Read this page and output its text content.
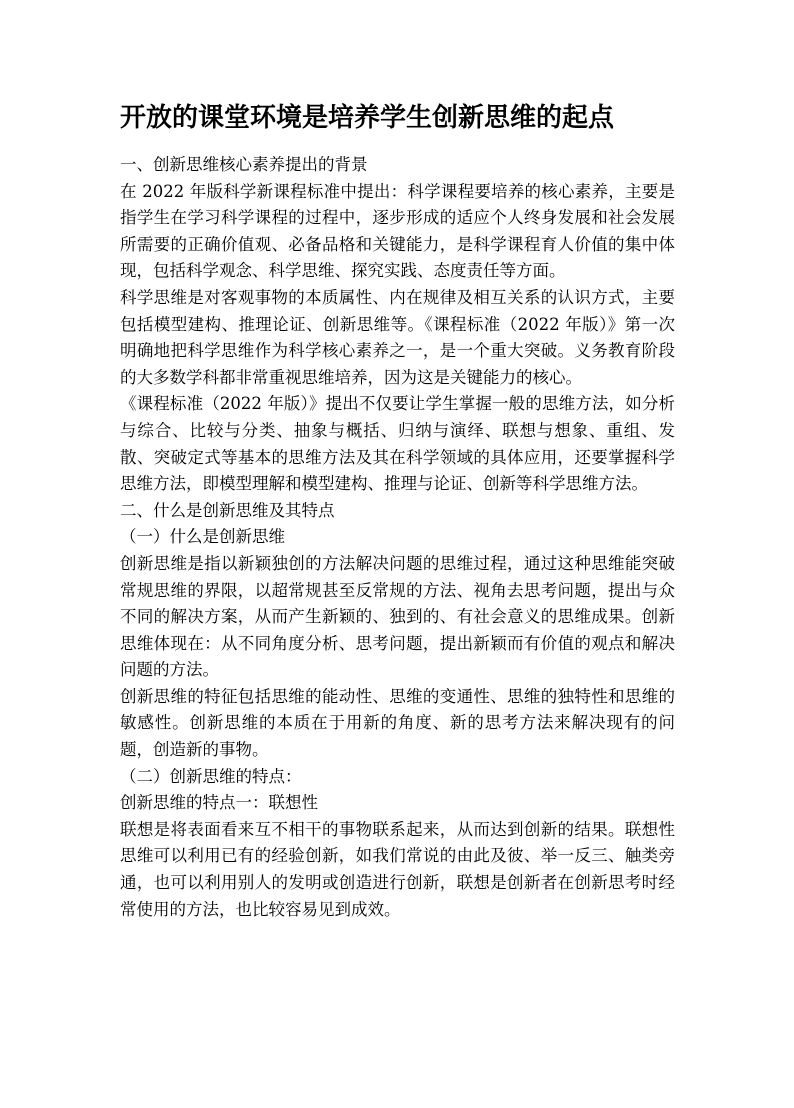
开放的课堂环境是培养学生创新思维的起点
一、创新思维核心素养提出的背景

在 2022 年版科学新课程标准中提出：科学课程要培养的核心素养，主要是指学生在学习科学课程的过程中，逐步形成的适应个人终身发展和社会发展所需要的正确价值观、必备品格和关键能力，是科学课程育人价值的集中体现，包括科学观念、科学思维、探究实践、态度责任等方面。

科学思维是对客观事物的本质属性、内在规律及相互关系的认识方式，主要包括模型建构、推理论证、创新思维等。《课程标准（2022 年版）》第一次明确地把科学思维作为科学核心素养之一，是一个重大突破。义务教育阶段的大多数学科都非常重视思维培养，因为这是关键能力的核心。

《课程标准（2022 年版）》提出不仅要让学生掌握一般的思维方法，如分析与综合、比较与分类、抽象与概括、归纳与演绎、联想与想象、重组、发散、突破定式等基本的思维方法及其在科学领域的具体应用，还要掌握科学思维方法，即模型理解和模型建构、推理与论证、创新等科学思维方法。

二、什么是创新思维及其特点
（一）什么是创新思维

创新思维是指以新颖独创的方法解决问题的思维过程，通过这种思维能突破常规思维的界限，以超常规甚至反常规的方法、视角去思考问题，提出与众不同的解决方案，从而产生新颖的、独到的、有社会意义的思维成果。创新思维体现在：从不同角度分析、思考问题，提出新颖而有价值的观点和解决问题的方法。

创新思维的特征包括思维的能动性、思维的变通性、思维的独特性和思维的敏感性。创新思维的本质在于用新的角度、新的思考方法来解决现有的问题，创造新的事物。

（二）创新思维的特点：
创新思维的特点一：联想性

联想是将表面看来互不相干的事物联系起来，从而达到创新的结果。联想性思维可以利用已有的经验创新，如我们常说的由此及彼、举一反三、触类旁通，也可以利用别人的发明或创造进行创新，联想是创新者在创新思考时经常使用的方法，也比较容易见到成效。
